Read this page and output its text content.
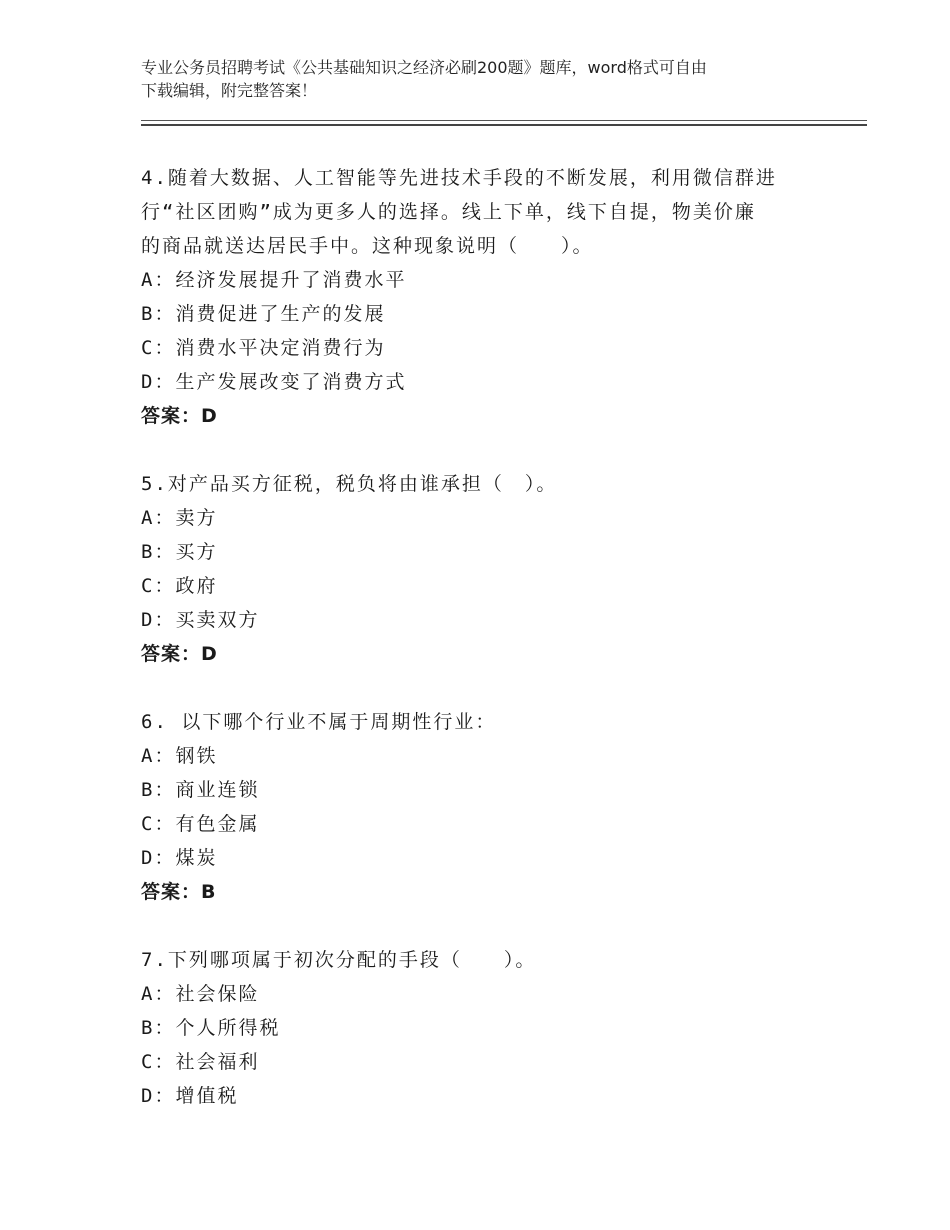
专业公务员招聘考试《公共基础知识之经济必刷200题》题库，word格式可自由
下载编辑，附完整答案！
4.随着大数据、人工智能等先进技术手段的不断发展，利用微信群进
行“社区团购”成为更多人的选择。线上下单，线下自提，物美价廉
的商品就送达居民手中。这种现象说明（　　）。
A：经济发展提升了消费水平
B：消费促进了生产的发展
C：消费水平决定消费行为
D：生产发展改变了消费方式
答案：D
5.对产品买方征税，税负将由谁承担（　）。
A：卖方
B：买方
C：政府
D：买卖双方
答案：D
6. 以下哪个行业不属于周期性行业：
A：钢铁
B：商业连锁
C：有色金属
D：煤炭
答案：B
7.下列哪项属于初次分配的手段（　　）。
A：社会保险
B：个人所得税
C：社会福利
D：增值税
